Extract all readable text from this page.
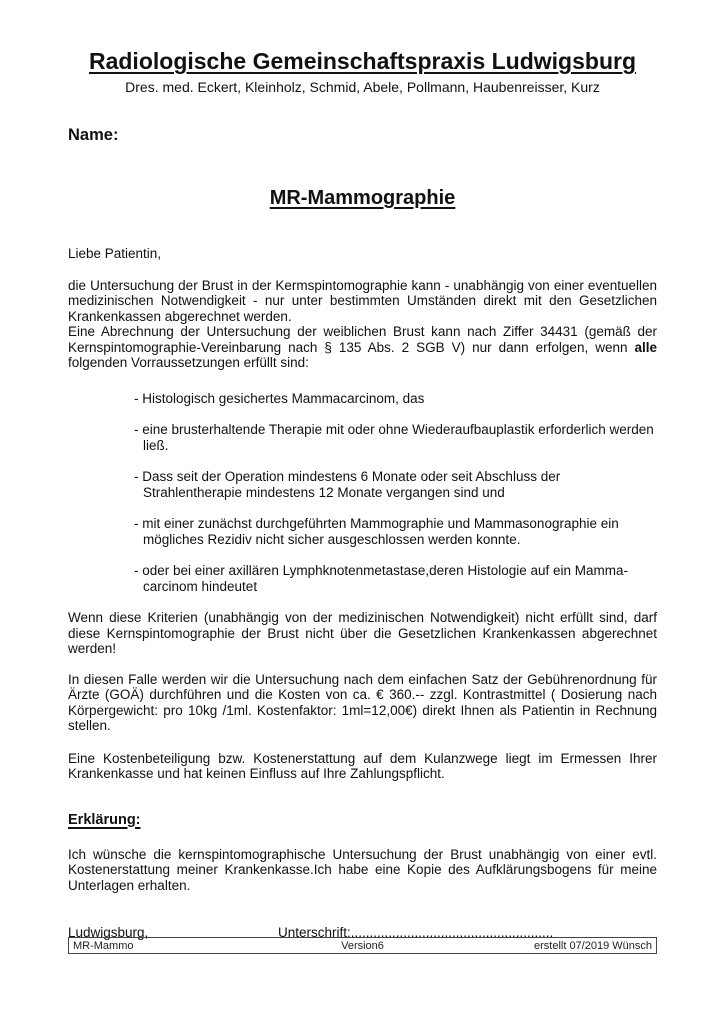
Radiologische Gemeinschaftspraxis Ludwigsburg
Dres. med. Eckert, Kleinholz, Schmid, Abele, Pollmann, Haubenreisser, Kurz
Name:
MR-Mammographie

Liebe Patientin,

die Untersuchung der Brust in der Kermspintomographie kann - unabhängig von einer eventuellen medizinischen Notwendigkeit - nur unter bestimmten Umständen direkt mit den Gesetzlichen Krankenkassen abgerechnet werden.

Eine Abrechnung der Untersuchung der weiblichen Brust kann nach Ziffer 34431 (gemäß der Kernspintomographie-Vereinbarung nach § 135 Abs. 2 SGB V) nur dann erfolgen, wenn alle folgenden Vorraussetzungen erfüllt sind:

- Histologisch gesichertes Mammacarcinom, das
- eine brusterhaltende Therapie mit oder ohne Wiederaufbauplastik erforderlich werden ließ.
- Dass seit der Operation mindestens 6 Monate oder seit Abschluss der Strahlentherapie mindestens 12 Monate vergangen sind und
- mit einer zunächst durchgeführten Mammographie und Mammasonographie ein mögliches Rezidiv nicht sicher ausgeschlossen werden konnte.
- oder bei einer axillären Lymphknotenmetastase,deren Histologie auf ein Mamma-carcinom hindeutet

Wenn diese Kriterien (unabhängig von der medizinischen Notwendigkeit) nicht erfüllt sind, darf diese Kernspintomographie der Brust nicht über die Gesetzlichen Krankenkassen abgerechnet werden!

In diesen Falle werden wir die Untersuchung nach dem einfachen Satz der Gebührenordnung für Ärzte (GOÄ) durchführen und die Kosten von ca. € 360.-- zzgl. Kontrastmittel ( Dosierung nach Körpergewicht: pro 10kg /1ml. Kostenfaktor: 1ml=12,00€) direkt Ihnen als Patientin in Rechnung stellen.

Eine Kostenbeteiligung bzw. Kostenerstattung auf dem Kulanzwege liegt im Ermessen Ihrer Krankenkasse und hat keinen Einfluss auf Ihre Zahlungspflicht.

Erklärung:

Ich wünsche die kernspintomographische Untersuchung der Brust unabhängig von einer evtl. Kostenerstattung meiner Krankenkasse.Ich habe eine Kopie des Aufklärungsbogens für meine Unterlagen erhalten.

Ludwigsburg,	Unterschrift:......................................................
MR-Mammo	Version6	erstellt 07/2019 Wünsch
